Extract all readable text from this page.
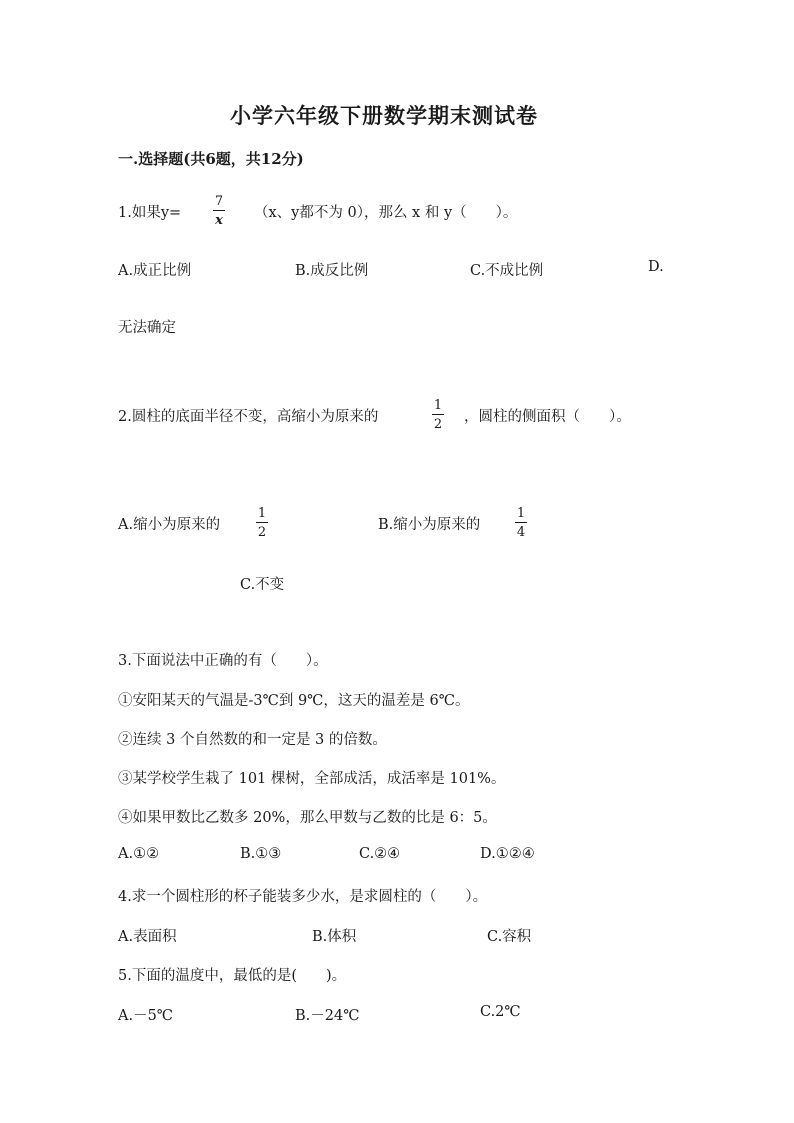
小学六年级下册数学期末测试卷
一.选择题(共6题，共12分)
1.如果y=
7
x （x、y都不为 0），那么 x 和 y（　　）。
A.成正比例	B.成反比例	C.不成比例	D.
无法确定
2.圆柱的底面半径不变，高缩小为原来的
1
2 ，圆柱的侧面积（　　）。
A.缩小为原来的
1
2	B.缩小为原来的
1
4
C.不变
3.下面说法中正确的有（　　）。
①安阳某天的气温是-3℃到 9℃，这天的温差是 6℃。
②连续 3 个自然数的和一定是 3 的倍数。
③某学校学生栽了 101 棵树，全部成活，成活率是 101%。
④如果甲数比乙数多 20%，那么甲数与乙数的比是 6：5。
A.①②	B.①③	C.②④	D.①②④
4.求一个圆柱形的杯子能装多少水，是求圆柱的（　　）。
A.表面积	B.体积	C.容积
5.下面的温度中，最低的是(　　)。
A.－5℃	B.－24℃	C.2℃
